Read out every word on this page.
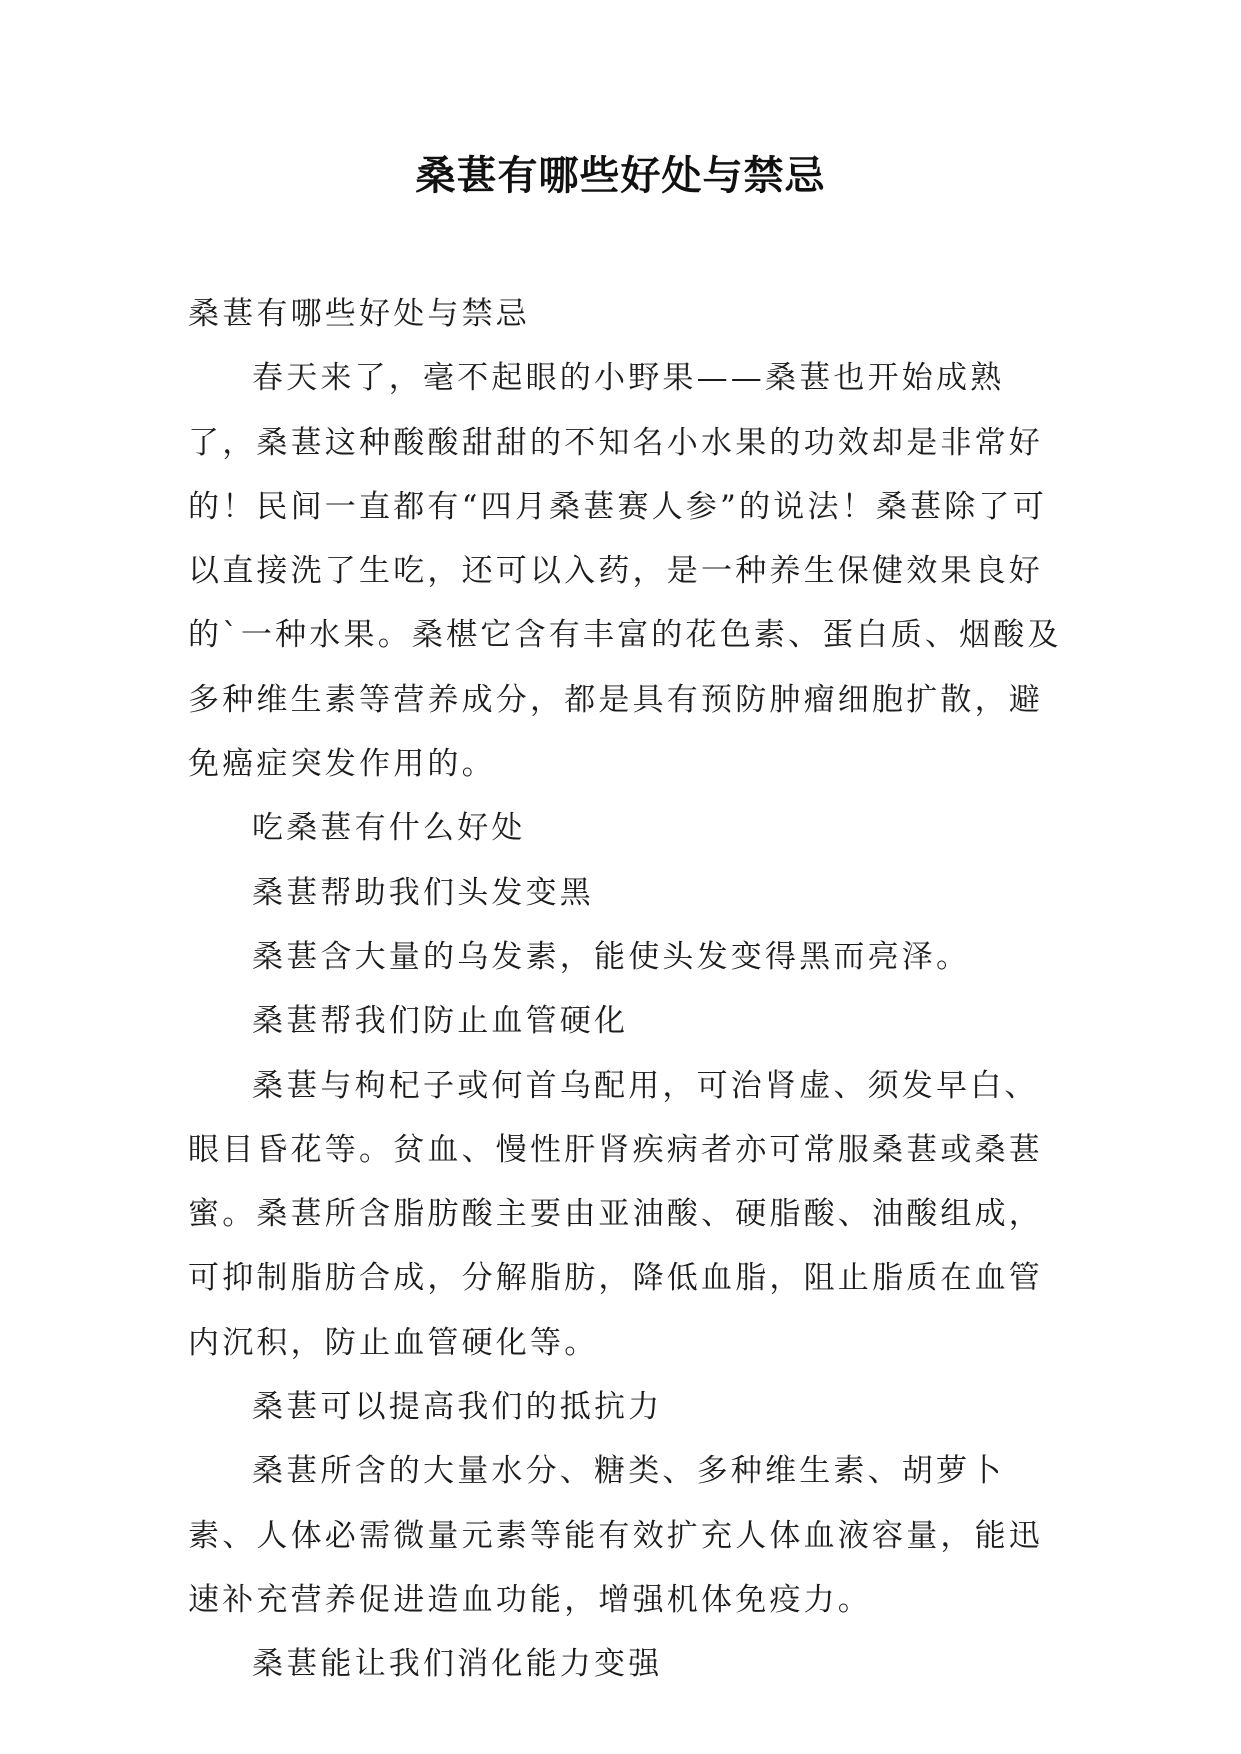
桑葚有哪些好处与禁忌

桑葚有哪些好处与禁忌

春天来了，毫不起眼的小野果——桑葚也开始成熟了，桑葚这种酸酸甜甜的不知名小水果的功效却是非常好的！民间一直都有“四月桑葚赛人参”的说法！桑葚除了可以直接洗了生吃，还可以入药，是一种养生保健效果良好的`一种水果。桑椹它含有丰富的花色素、蛋白质、烟酸及多种维生素等营养成分，都是具有预防肿瘤细胞扩散，避免癌症突发作用的。

吃桑葚有什么好处

桑葚帮助我们头发变黑

桑葚含大量的乌发素，能使头发变得黑而亮泽。

桑葚帮我们防止血管硬化

桑葚与枸杞子或何首乌配用，可治肾虚、须发早白、眼目昏花等。贫血、慢性肝肾疾病者亦可常服桑葚或桑葚蜜。桑葚所含脂肪酸主要由亚油酸、硬脂酸、油酸组成，可抑制脂肪合成，分解脂肪，降低血脂，阻止脂质在血管内沉积，防止血管硬化等。

桑葚可以提高我们的抵抗力

桑葚所含的大量水分、糖类、多种维生素、胡萝卜素、人体必需微量元素等能有效扩充人体血液容量，能迅速补充营养促进造血功能，增强机体免疫力。

桑葚能让我们消化能力变强
